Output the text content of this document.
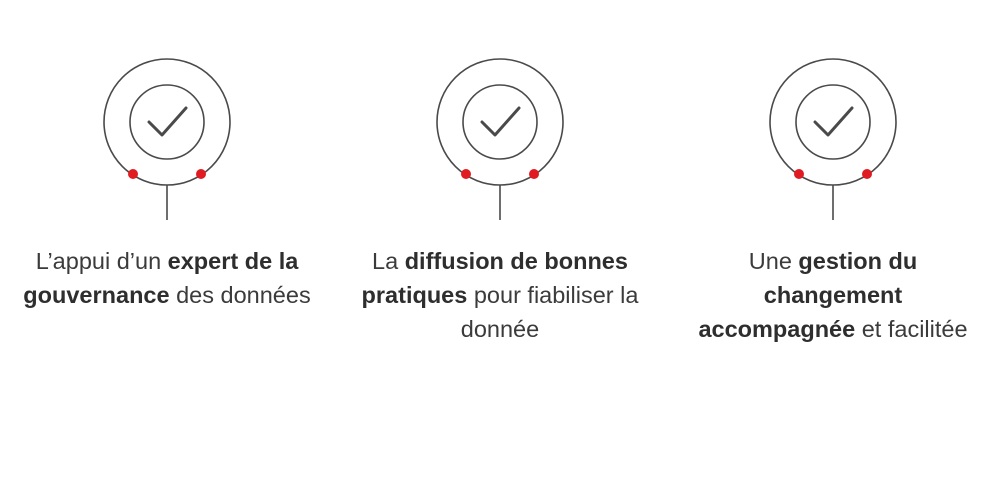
L’appui d’un expert de la gouvernance des données
La diffusion de bonnes pratiques pour fiabiliser la donnée
Une gestion du changement accompagnée et facilitée
